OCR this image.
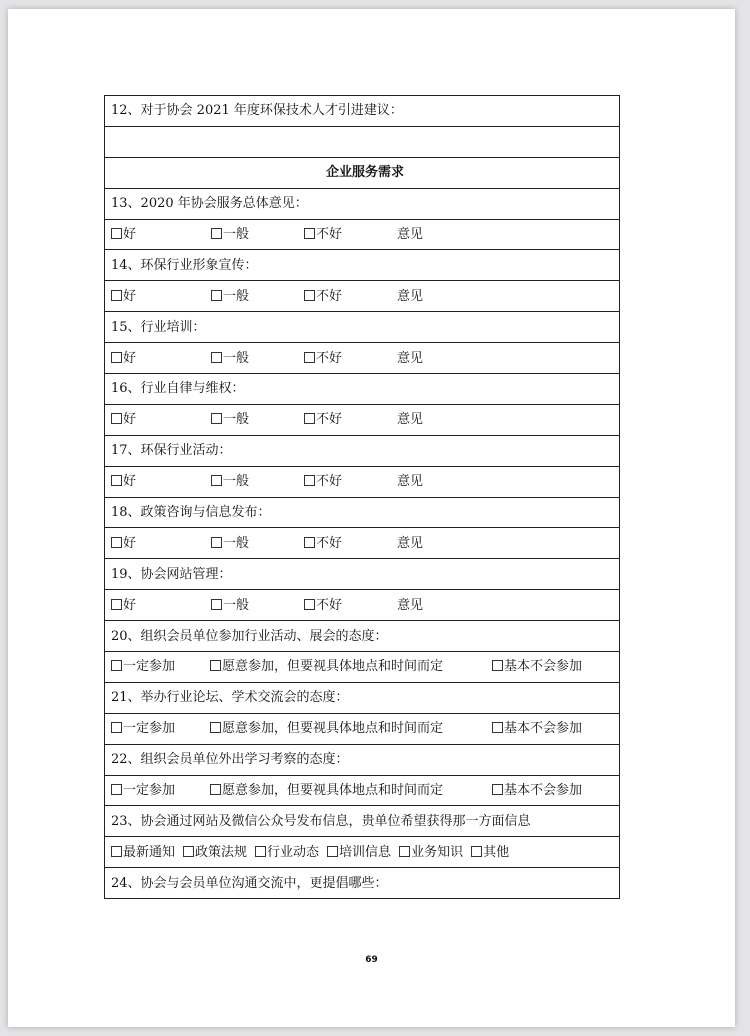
12、对于协会 2021 年度环保技术人才引进建议：

企业服务需求
13、2020 年协会服务总体意见：
好	一般	不好	意见
14、环保行业形象宣传：
好	一般	不好	意见
15、行业培训：
好	一般	不好	意见
16、行业自律与维权：
好	一般	不好	意见
17、环保行业活动：
好	一般	不好	意见
18、政策咨询与信息发布：
好	一般	不好	意见
19、协会网站管理：
好	一般	不好	意见
20、组织会员单位参加行业活动、展会的态度：
一定参加	愿意参加，但要视具体地点和时间而定	基本不会参加
21、举办行业论坛、学术交流会的态度：
一定参加	愿意参加，但要视具体地点和时间而定	基本不会参加
22、组织会员单位外出学习考察的态度：
一定参加	愿意参加，但要视具体地点和时间而定	基本不会参加
23、协会通过网站及微信公众号发布信息，贵单位希望获得那一方面信息
最新通知 政策法规 行业动态 培训信息 业务知识 其他
24、协会与会员单位沟通交流中，更提倡哪些：
69
